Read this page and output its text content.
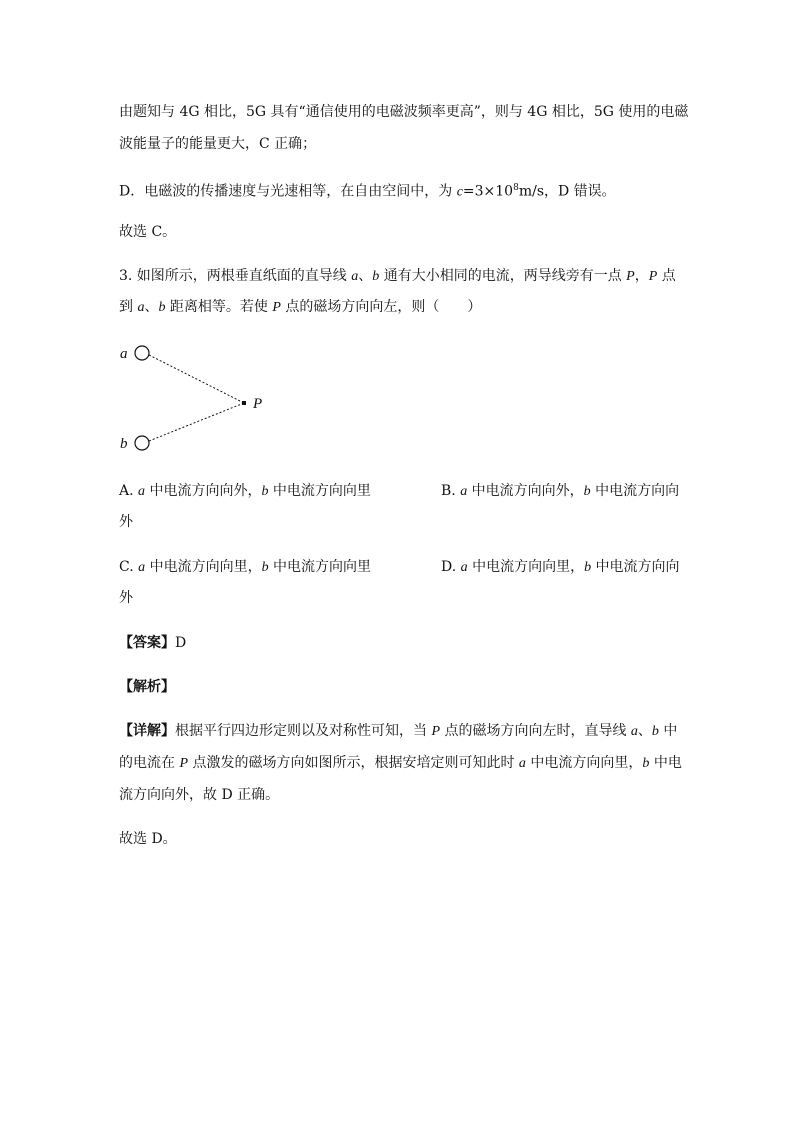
由题知与 4G 相比，5G 具有“通信使用的电磁波频率更高”，则与 4G 相比，5G 使用的电磁
波能量子的能量更大，C 正确；
D．电磁波的传播速度与光速相等，在自由空间中，为 $c=3\times 10^8m/s$，D 错误。
故选 C。
3. 如图所示，两根垂直纸面的直导线 a、b 通有大小相同的电流，两导线旁有一点 P，P 点
到 a、b 距离相等。若使 P 点的磁场方向向左，则（　　）
a
b
P
A. a 中电流方向向外，b 中电流方向向里	B. a 中电流方向向外，b 中电流方向向
外
C. a 中电流方向向里，b 中电流方向向里	D. a 中电流方向向里，b 中电流方向向
外
【答案】D
【解析】
【详解】根据平行四边形定则以及对称性可知，当 P 点的磁场方向向左时，直导线 a、b 中
的电流在 P 点激发的磁场方向如图所示，根据安培定则可知此时 a 中电流方向向里，b 中电
流方向向外，故 D 正确。
故选 D。
